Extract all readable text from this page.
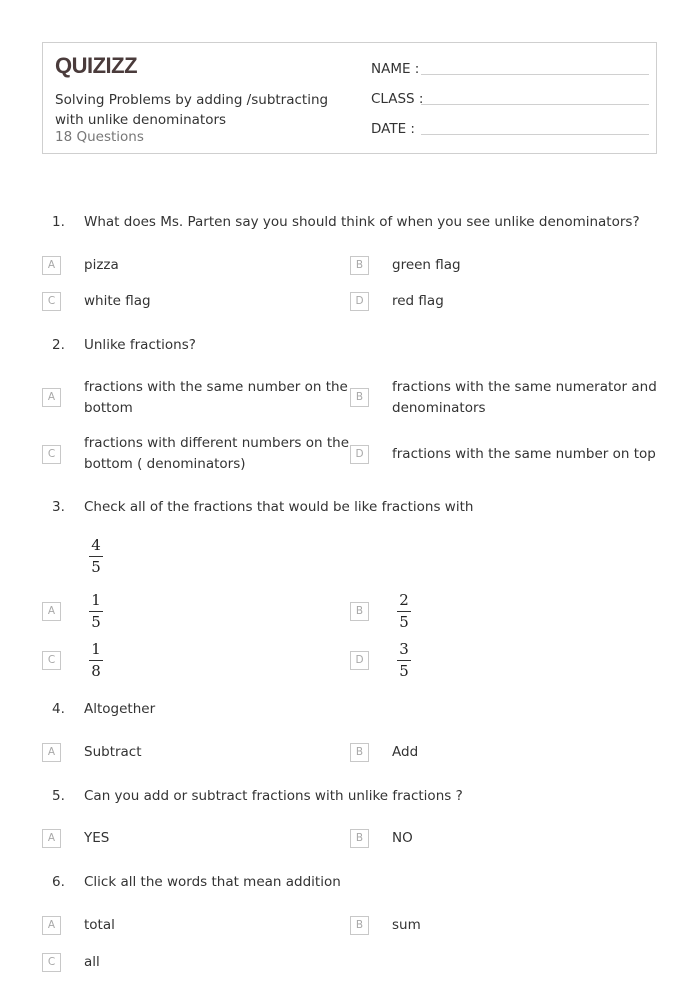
QUIZIZZ
Solving Problems by adding /subtracting with unlike denominators
18 Questions
NAME :
CLASS :
DATE :
1.	What does Ms. Parten say you should think of when you see unlike denominators?
A	pizza	B	green flag
C	white flag	D	red flag
2.	Unlike fractions?
A
fractions with the same number on the
bottom
B
fractions with the same numerator and
denominators
C
fractions with different numbers on the
bottom ( denominators)
D	fractions with the same number on top
3.	Check all of the fractions that would be like fractions with
4
5
A
1
5
B
2
5
C
1
8
D
3
5
4.	Altogether
A	Subtract	B	Add
5.	Can you add or subtract fractions with unlike fractions ?
A	YES	B	NO
6.	Click all the words that mean addition
A	total	B	sum
C	all
